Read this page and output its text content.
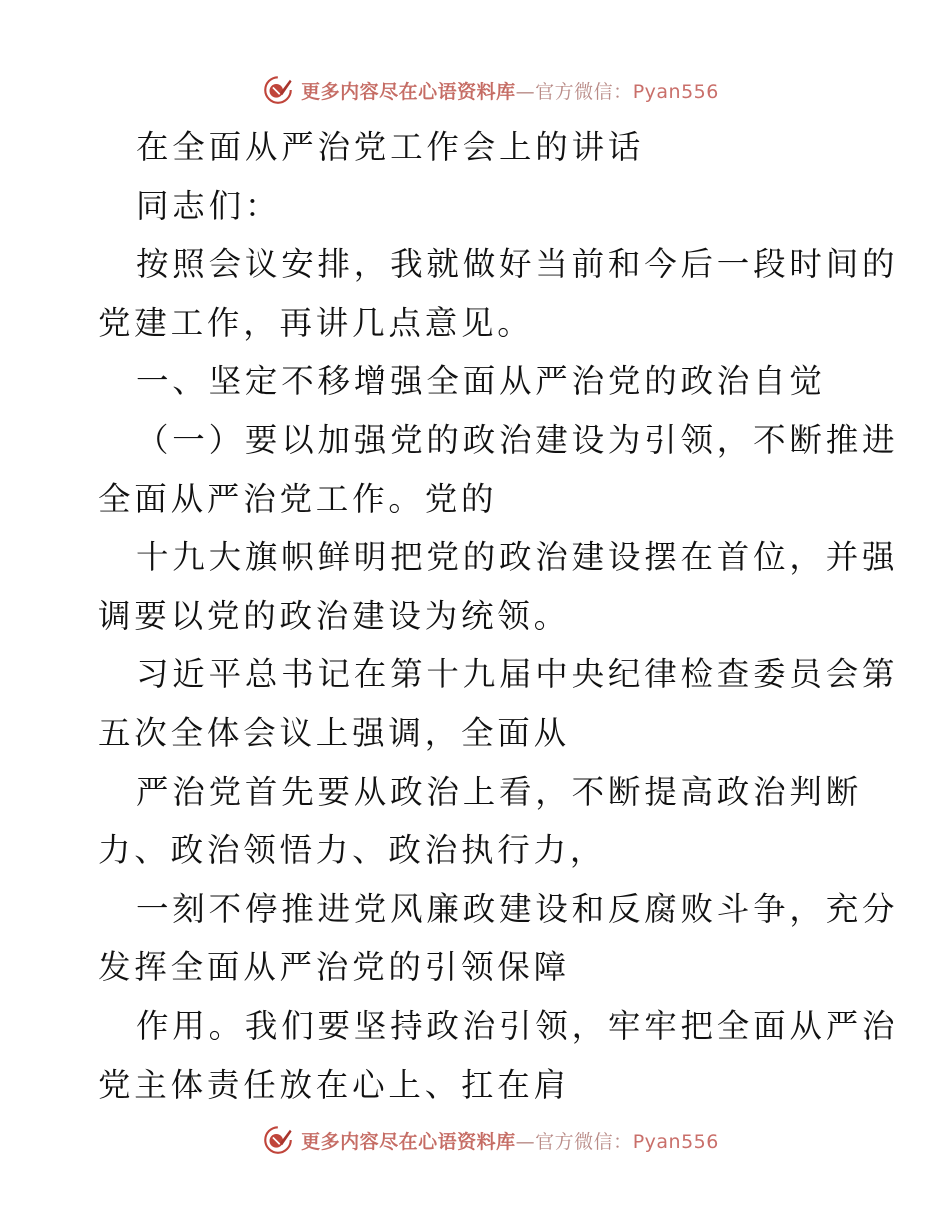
更多内容尽在心语资料库—官方微信：Pyan556

在全面从严治党工作会上的讲话

同志们：

按照会议安排，我就做好当前和今后一段时间的

党建工作，再讲几点意见。

一、坚定不移增强全面从严治党的政治自觉

（一）要以加强党的政治建设为引领，不断推进

全面从严治党工作。党的

十九大旗帜鲜明把党的政治建设摆在首位，并强

调要以党的政治建设为统领。

习近平总书记在第十九届中央纪律检查委员会第

五次全体会议上强调，全面从

严治党首先要从政治上看，不断提高政治判断

力、政治领悟力、政治执行力，

一刻不停推进党风廉政建设和反腐败斗争，充分

发挥全面从严治党的引领保障

作用。我们要坚持政治引领，牢牢把全面从严治

党主体责任放在心上、扛在肩

更多内容尽在心语资料库—官方微信：Pyan556
